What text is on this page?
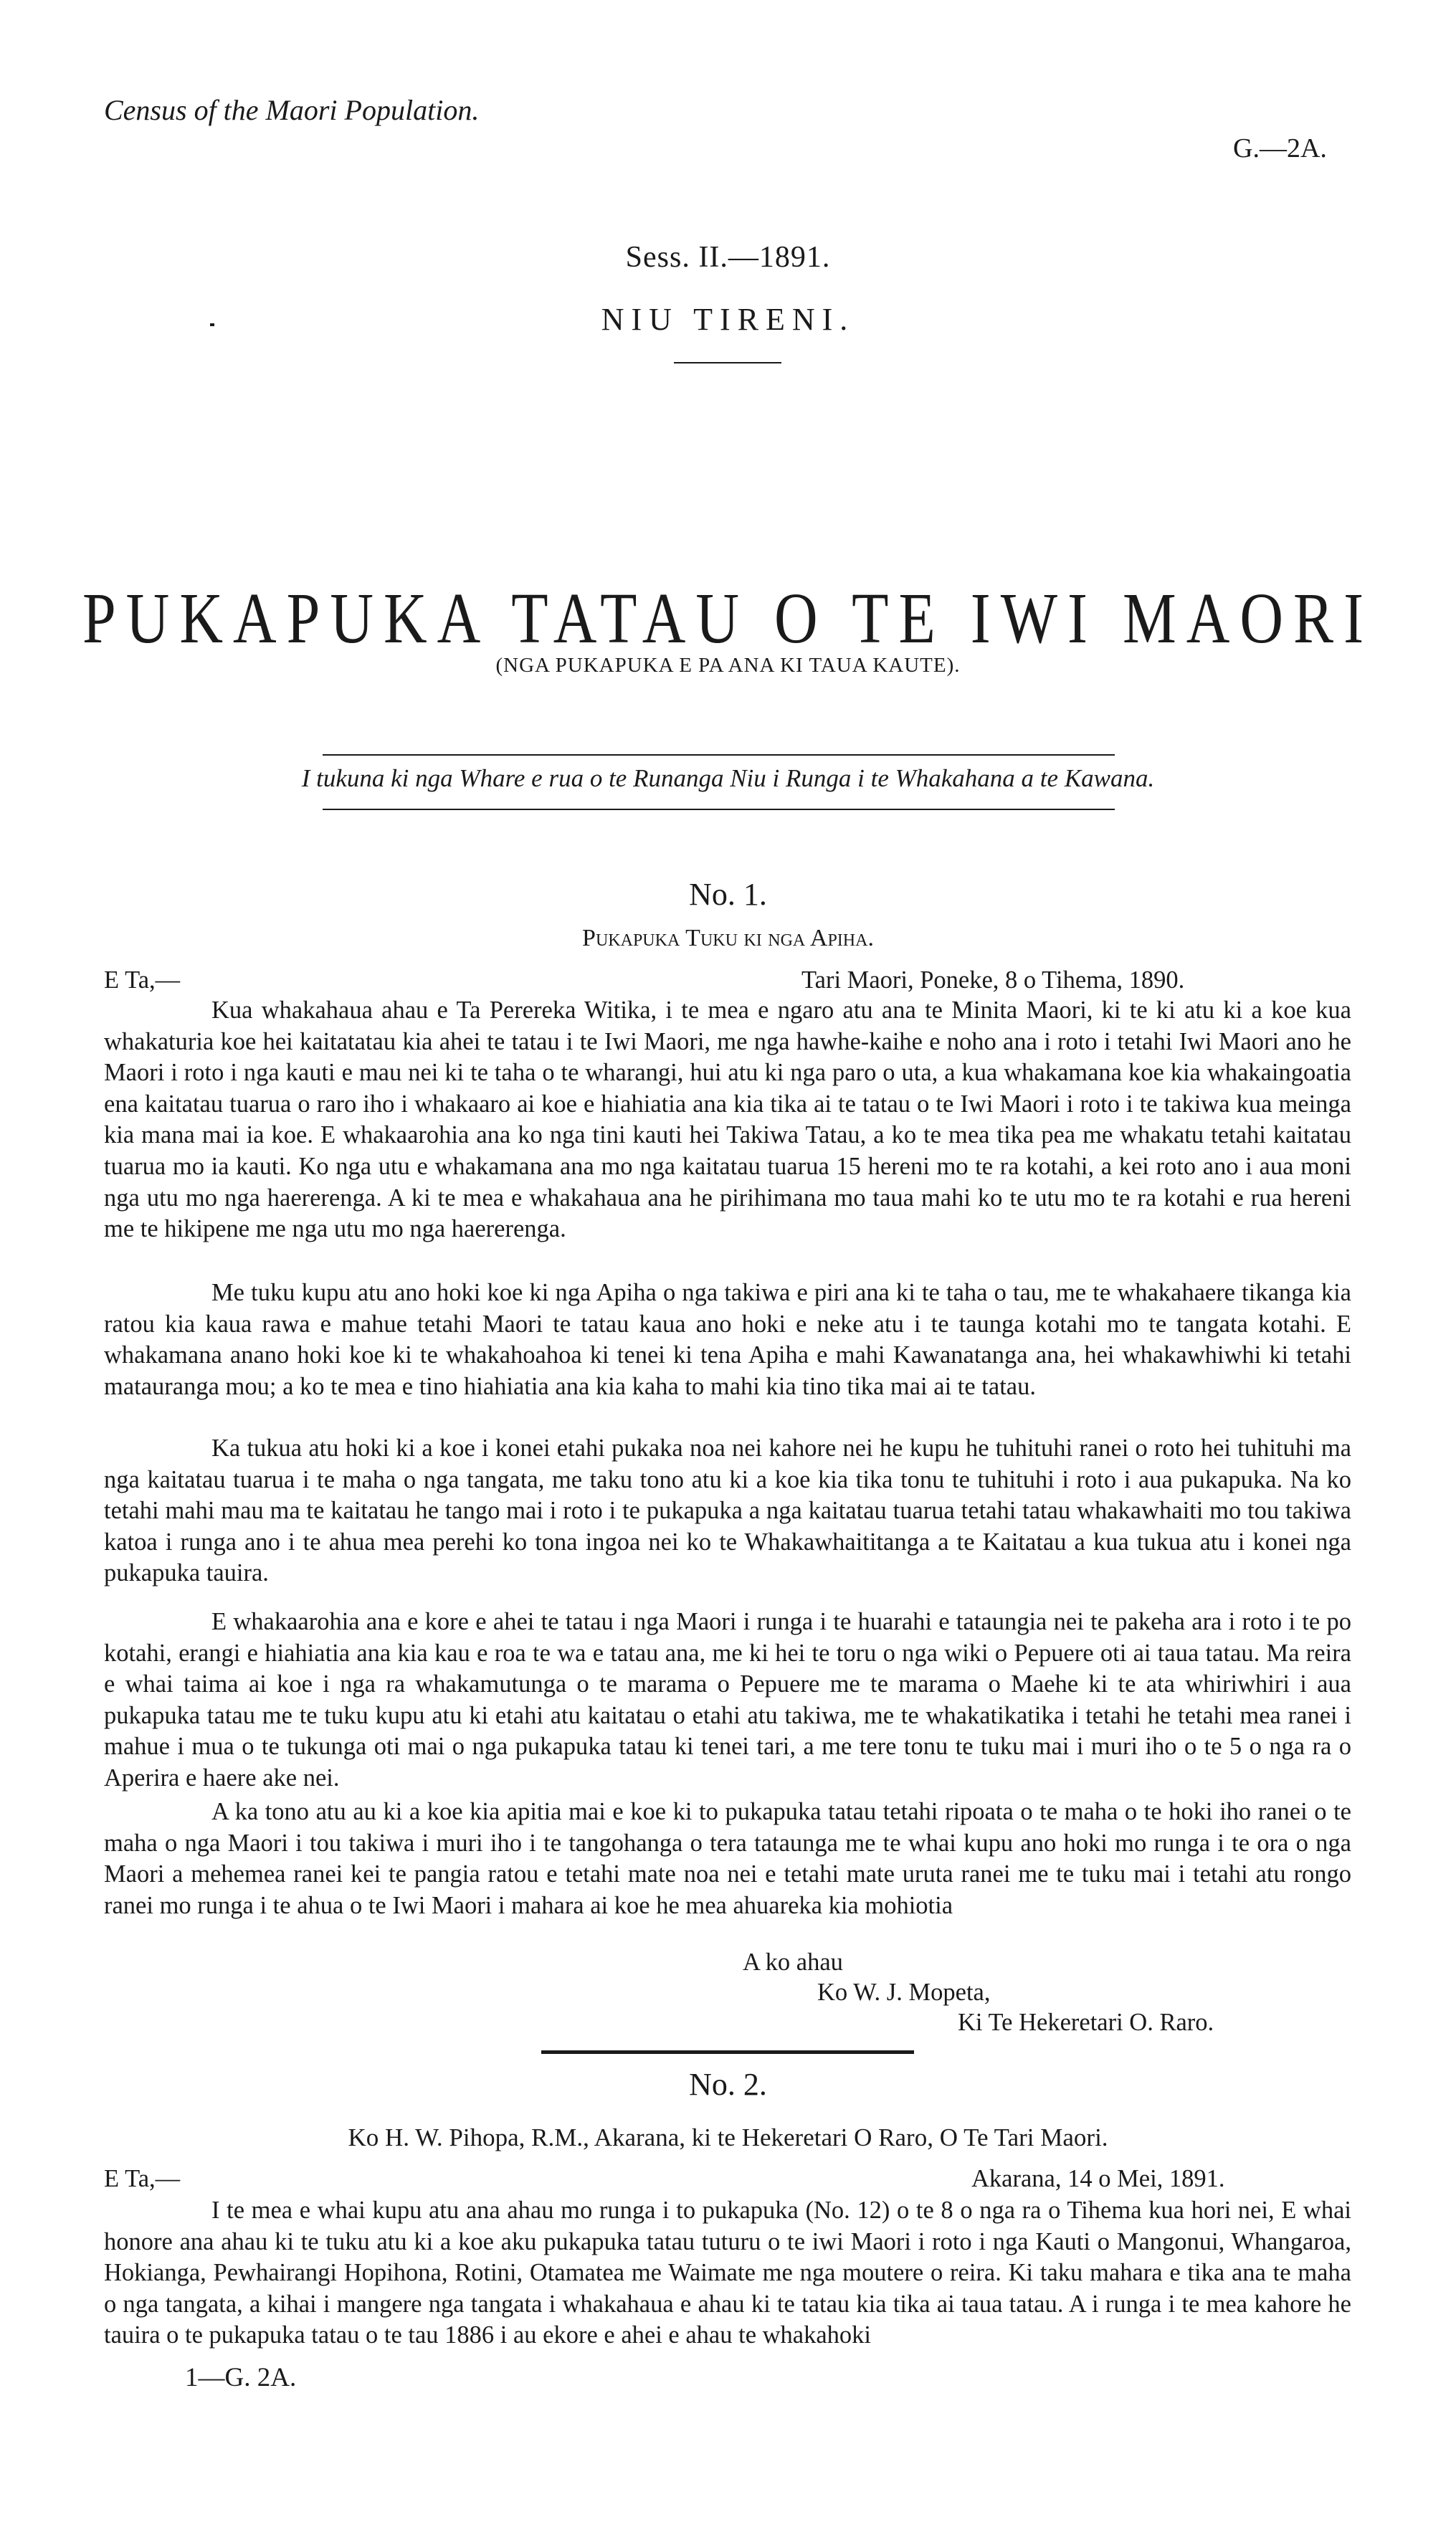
Census of the Maori Population.
G.—2A.
Sess. II.—1891.
NIU TIRENI.
PUKAPUKA TATAU O TE IWI MAORI
(NGA PUKAPUKA E PA ANA KI TAUA KAUTE).
I tukuna ki nga Whare e rua o te Runanga Niu i Runga i te Whakahana a te Kawana.
No. 1.
Pukapuka Tuku ki nga Apiha.
E Ta,—	Tari Maori, Poneke, 8 o Tihema, 1890.
Kua whakahaua ahau e Ta Perereka Witika, i te mea e ngaro atu ana te Minita Maori, ki te ki atu ki a koe kua whakaturia koe hei kaitatatau kia ahei te tatau i te Iwi Maori, me nga hawhe-kaihe e noho ana i roto i tetahi Iwi Maori ano he Maori i roto i nga kauti e mau nei ki te taha o te wharangi, hui atu ki nga paro o uta, a kua whakamana koe kia whakaingoatia ena kaitatau tuarua o raro iho i whakaaro ai koe e hiahiatia ana kia tika ai te tatau o te Iwi Maori i roto i te takiwa kua meinga kia mana mai ia koe. E whakaarohia ana ko nga tini kauti hei Takiwa Tatau, a ko te mea tika pea me whakatu tetahi kaitatau tuarua mo ia kauti. Ko nga utu e whakamana ana mo nga kaitatau tuarua 15 hereni mo te ra kotahi, a kei roto ano i aua moni nga utu mo nga haererenga. A ki te mea e whakahaua ana he pirihimana mo taua mahi ko te utu mo te ra kotahi e rua hereni me te hikipene me nga utu mo nga haererenga.
Me tuku kupu atu ano hoki koe ki nga Apiha o nga takiwa e piri ana ki te taha o tau, me te whakahaere tikanga kia ratou kia kaua rawa e mahue tetahi Maori te tatau kaua ano hoki e neke atu i te taunga kotahi mo te tangata kotahi. E whakamana anano hoki koe ki te whakahoahoa ki tenei ki tena Apiha e mahi Kawanatanga ana, hei whakawhiwhi ki tetahi matauranga mou; a ko te mea e tino hiahiatia ana kia kaha to mahi kia tino tika mai ai te tatau.
Ka tukua atu hoki ki a koe i konei etahi pukaka noa nei kahore nei he kupu he tuhituhi ranei o roto hei tuhituhi ma nga kaitatau tuarua i te maha o nga tangata, me taku tono atu ki a koe kia tika tonu te tuhituhi i roto i aua pukapuka. Na ko tetahi mahi mau ma te kaitatau he tango mai i roto i te pukapuka a nga kaitatau tuarua tetahi tatau whakawhaiti mo tou takiwa katoa i runga ano i te ahua mea perehi ko tona ingoa nei ko te Whakawhaititanga a te Kaitatau a kua tukua atu i konei nga pukapuka tauira.
E whakaarohia ana e kore e ahei te tatau i nga Maori i runga i te huarahi e tataungia nei te pakeha ara i roto i te po kotahi, erangi e hiahiatia ana kia kau e roa te wa e tatau ana, me ki hei te toru o nga wiki o Pepuere oti ai taua tatau. Ma reira e whai taima ai koe i nga ra whakamutunga o te marama o Pepuere me te marama o Maehe ki te ata whiriwhiri i aua pukapuka tatau me te tuku kupu atu ki etahi atu kaitatau o etahi atu takiwa, me te whakatikatika i tetahi he tetahi mea ranei i mahue i mua o te tukunga oti mai o nga pukapuka tatau ki tenei tari, a me tere tonu te tuku mai i muri iho o te 5 o nga ra o Aperira e haere ake nei.
A ka tono atu au ki a koe kia apitia mai e koe ki to pukapuka tatau tetahi ripoata o te maha o te hoki iho ranei o te maha o nga Maori i tou takiwa i muri iho i te tangohanga o tera tataunga me te whai kupu ano hoki mo runga i te ora o nga Maori a mehemea ranei kei te pangia ratou e tetahi mate noa nei e tetahi mate uruta ranei me te tuku mai i tetahi atu rongo ranei mo runga i te ahua o te Iwi Maori i mahara ai koe he mea ahuareka kia mohiotia
A ko ahau
Ko W. J. Mopeta,
Ki Te Hekeretari O. Raro.
No. 2.
Ko H. W. Pihopa, R.M., Akarana, ki te Hekeretari O Raro, O Te Tari Maori.
E Ta,—	Akarana, 14 o Mei, 1891.
I te mea e whai kupu atu ana ahau mo runga i to pukapuka (No. 12) o te 8 o nga ra o Tihema kua hori nei, E whai honore ana ahau ki te tuku atu ki a koe aku pukapuka tatau tuturu o te iwi Maori i roto i nga Kauti o Mangonui, Whangaroa, Hokianga, Pewhairangi Hopihona, Rotini, Otamatea me Waimate me nga moutere o reira. Ki taku mahara e tika ana te maha o nga tangata, a kihai i mangere nga tangata i whakahaua e ahau ki te tatau kia tika ai taua tatau. A i runga i te mea kahore he tauira o te pukapuka tatau o te tau 1886 i au ekore e ahei e ahau te whakahoki
1—G. 2A.
